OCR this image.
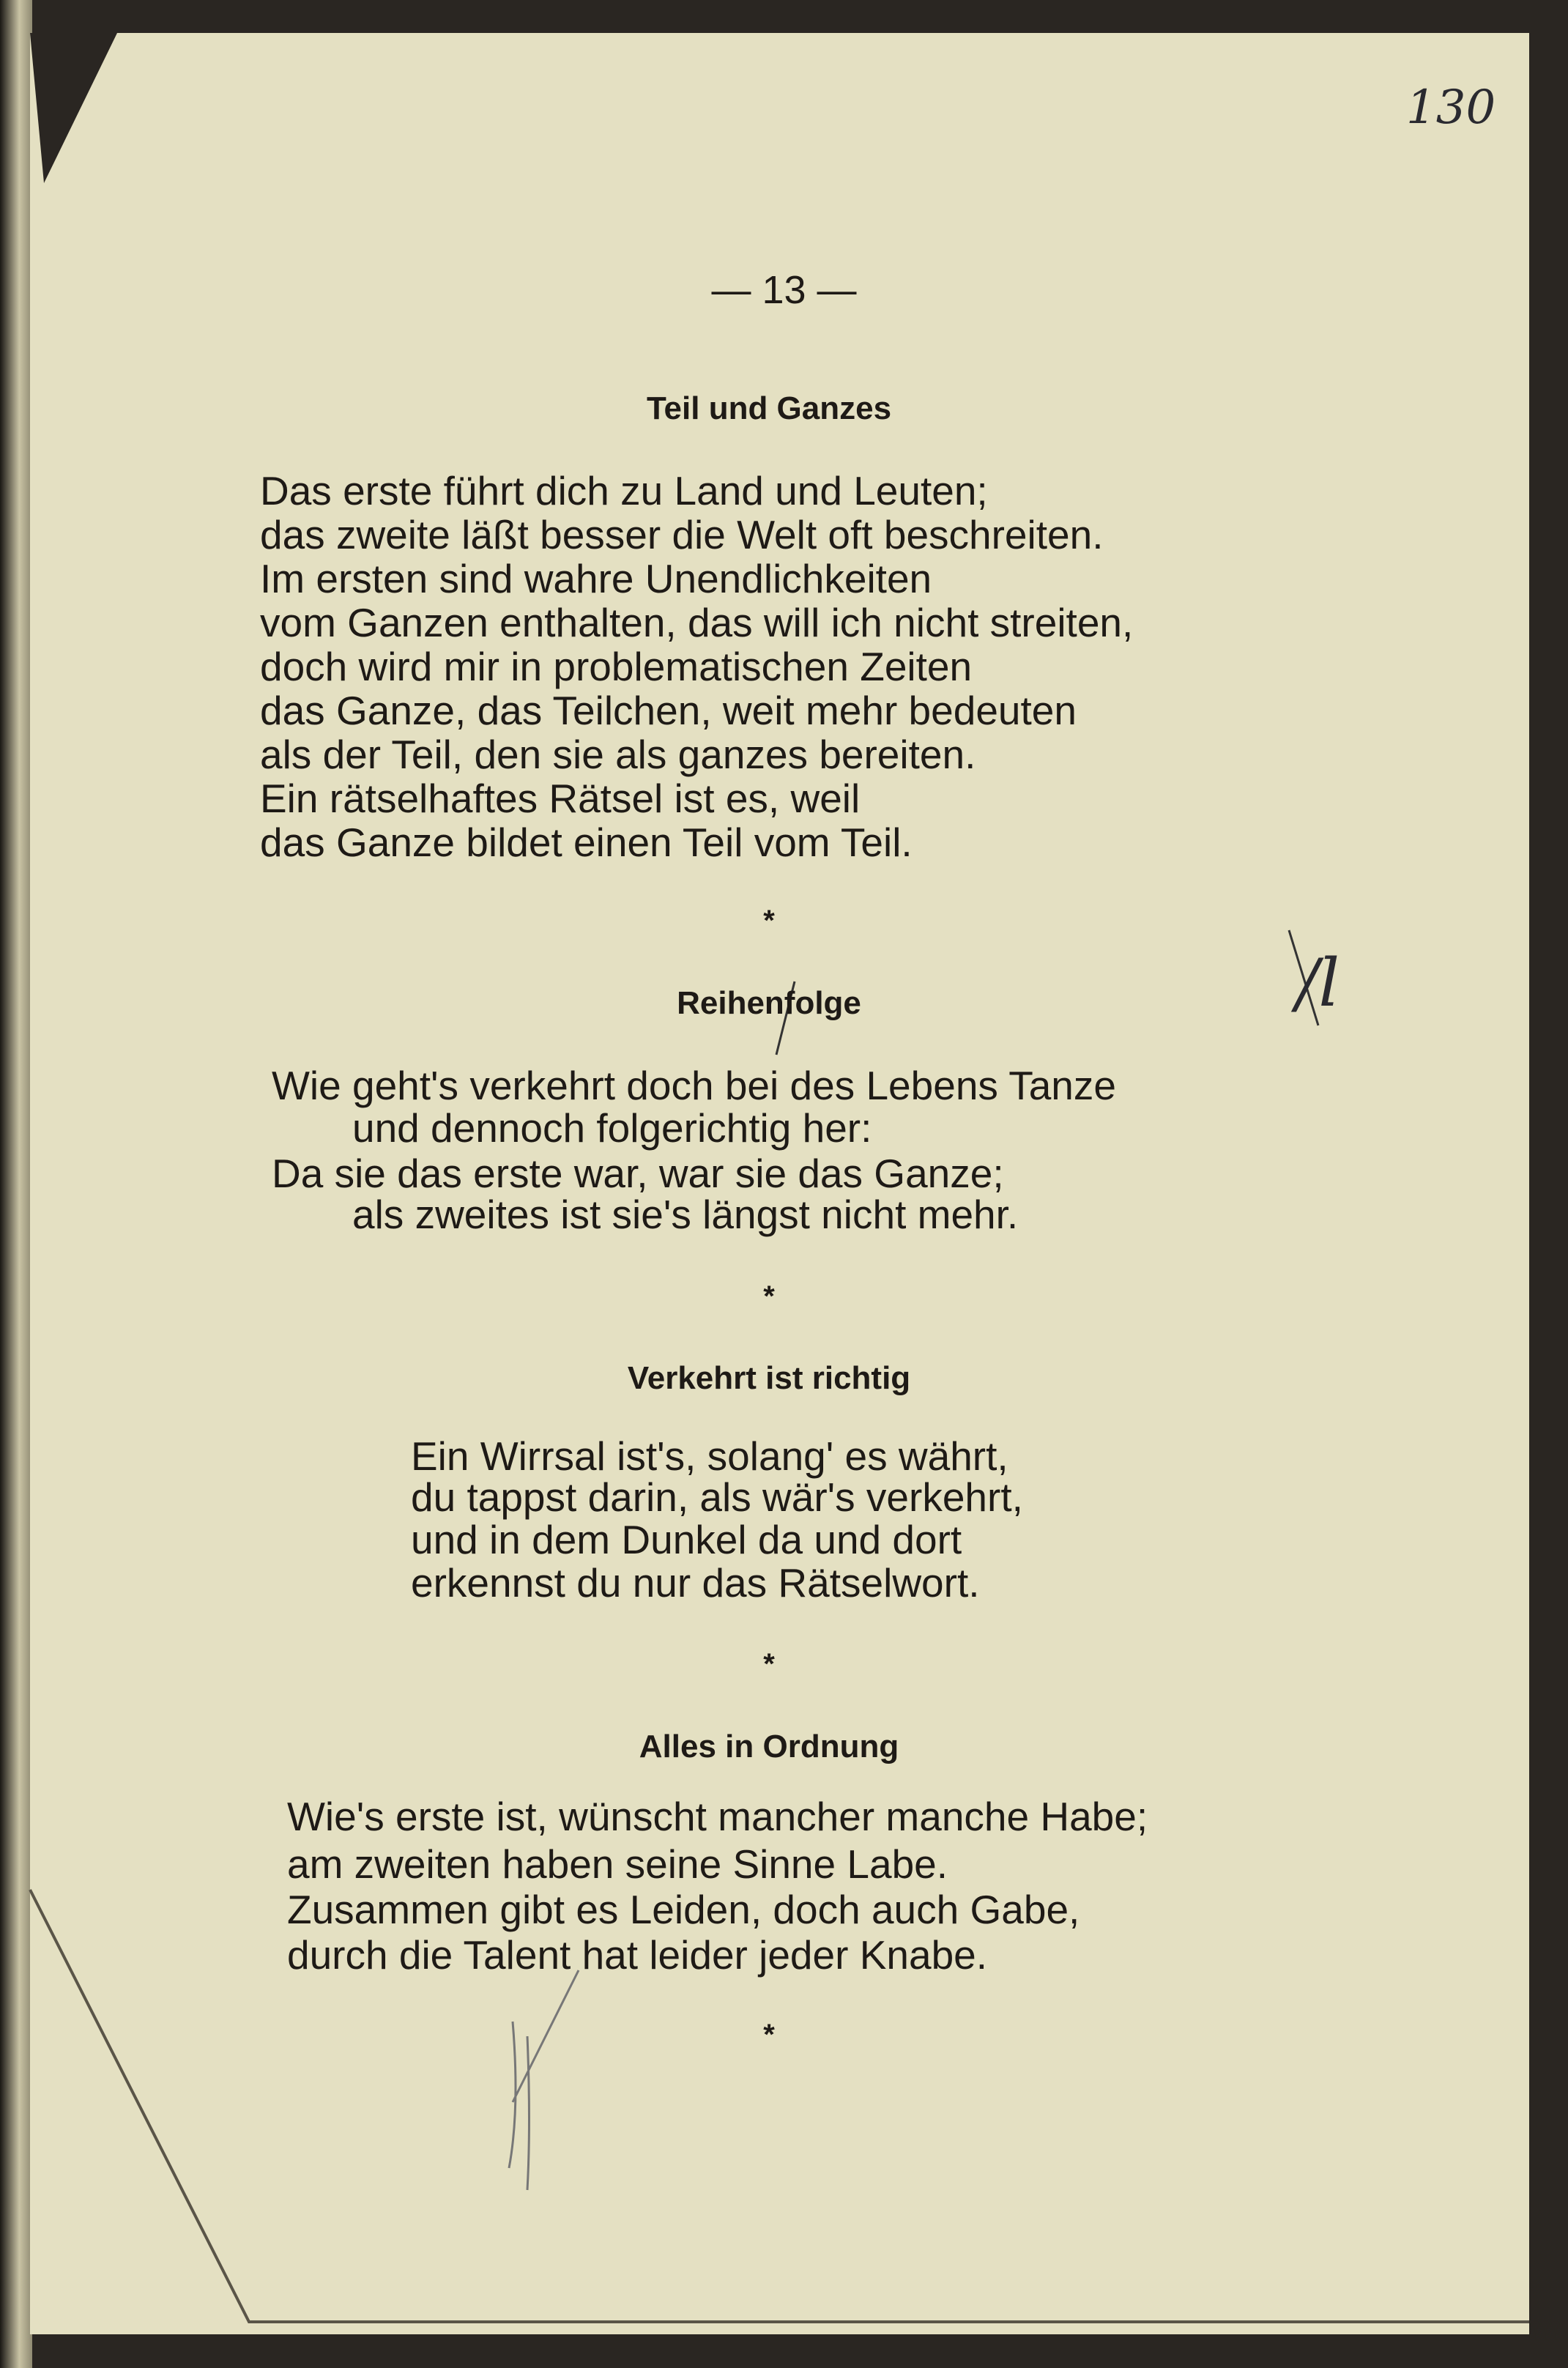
130
/l
— 13 —
Teil und Ganzes
Das erste führt dich zu Land und Leuten;
das zweite läßt besser die Welt oft beschreiten.
Im ersten sind wahre Unendlichkeiten
vom Ganzen enthalten, das will ich nicht streiten,
doch wird mir in problematischen Zeiten
das Ganze, das Teilchen, weit mehr bedeuten
als der Teil, den sie als ganzes bereiten.
Ein rätselhaftes Rätsel ist es, weil
das Ganze bildet einen Teil vom Teil.
*
Reihenfolge
Wie geht's verkehrt doch bei des Lebens Tanze
und dennoch folgerichtig her:
Da sie das erste war, war sie das Ganze;
als zweites ist sie's längst nicht mehr.
*
Verkehrt ist richtig
Ein Wirrsal ist's, solang' es währt,
du tappst darin, als wär's verkehrt,
und in dem Dunkel da und dort
erkennst du nur das Rätselwort.
*
Alles in Ordnung
Wie's erste ist, wünscht mancher manche Habe;
am zweiten haben seine Sinne Labe.
Zusammen gibt es Leiden, doch auch Gabe,
durch die Talent hat leider jeder Knabe.
*
